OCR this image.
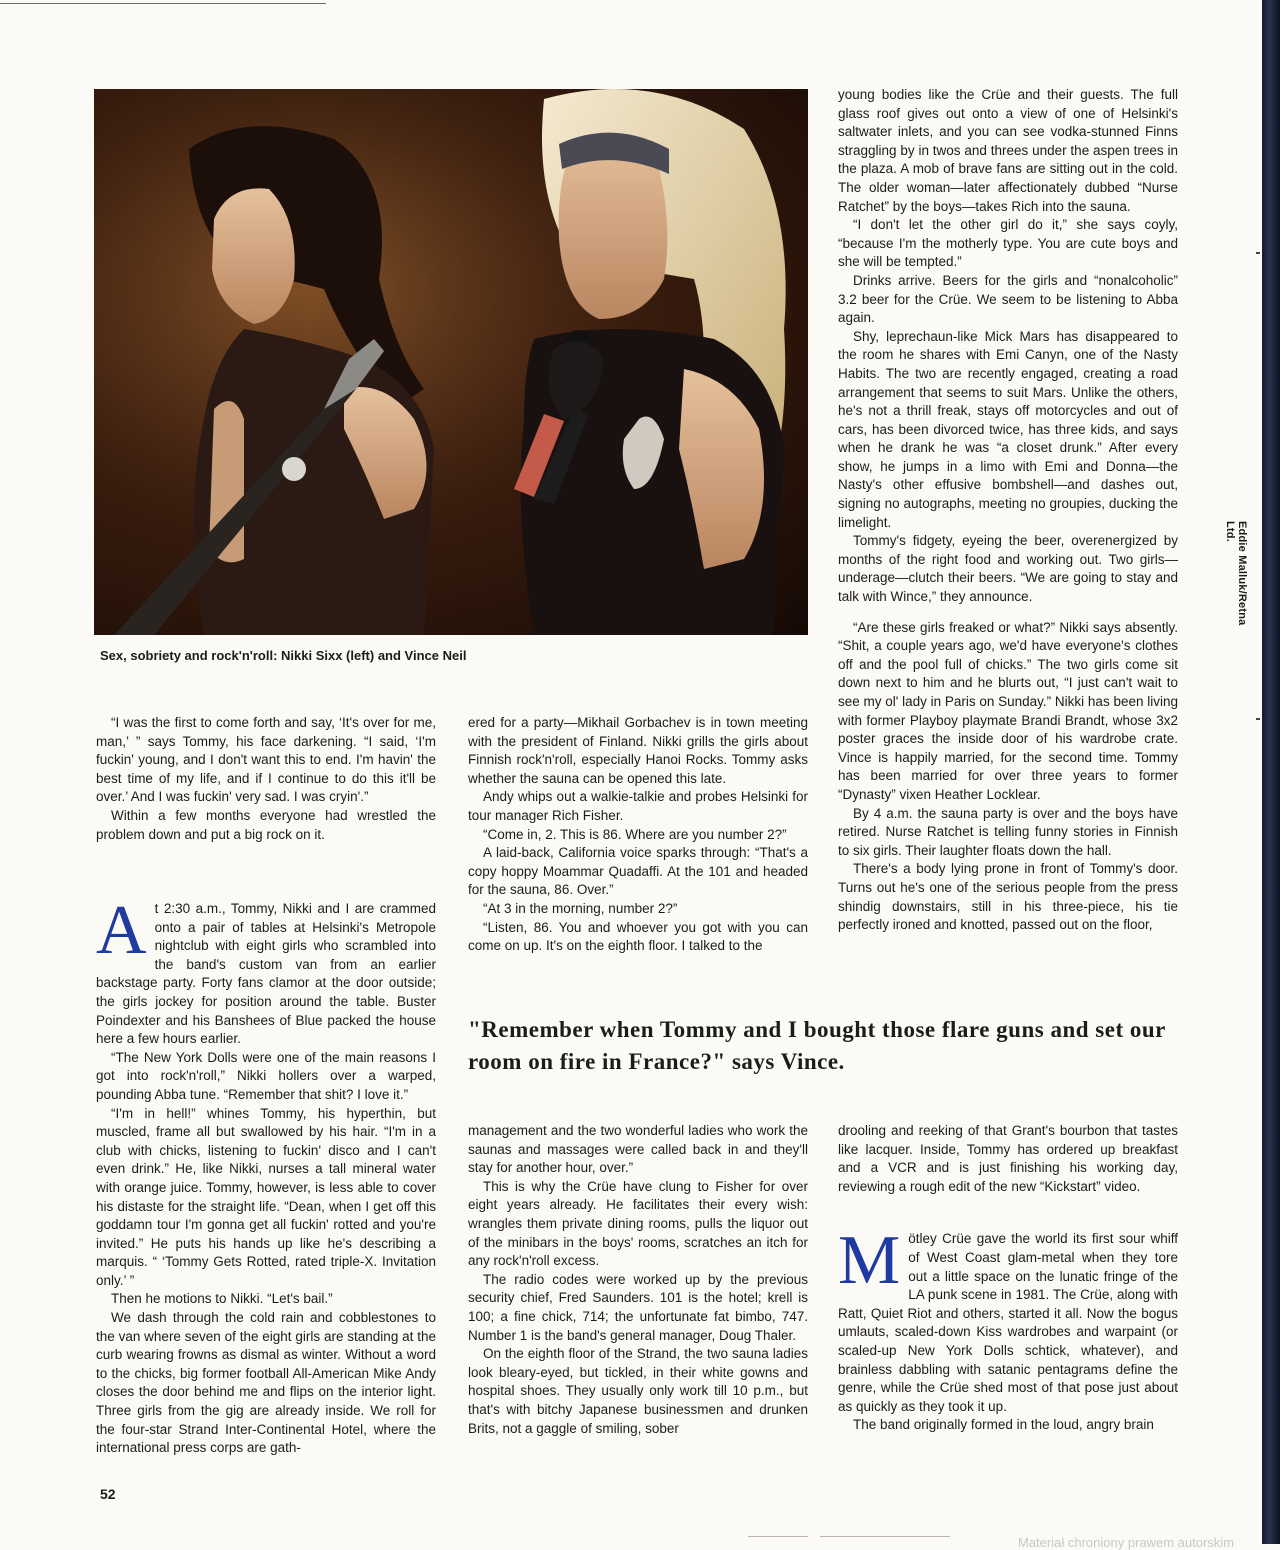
Eddie Malluk/Retna Ltd.
Sex, sobriety and rock'n'roll: Nikki Sixx (left) and Vince Neil

“I was the first to come forth and say, ‘It's over for me, man,’ ” says Tommy, his face darkening. “I said, ‘I'm fuckin' young, and I don't want this to end. I'm havin' the best time of my life, and if I continue to do this it'll be over.’ And I was fuckin' very sad. I was cryin'.”

Within a few months everyone had wrestled the problem down and put a big rock on it.

At 2:30 a.m., Tommy, Nikki and I are crammed onto a pair of tables at Helsinki's Metropole nightclub with eight girls who scrambled into the band's custom van from an earlier backstage party. Forty fans clamor at the door outside; the girls jockey for position around the table. Buster Poindexter and his Banshees of Blue packed the house here a few hours earlier.

“The New York Dolls were one of the main reasons I got into rock'n'roll,” Nikki hollers over a warped, pounding Abba tune. “Remember that shit? I love it.”

“I'm in hell!” whines Tommy, his hyperthin, but muscled, frame all but swallowed by his hair. “I'm in a club with chicks, listening to fuckin' disco and I can't even drink.” He, like Nikki, nurses a tall mineral water with orange juice. Tommy, however, is less able to cover his distaste for the straight life. “Dean, when I get off this goddamn tour I'm gonna get all fuckin' rotted and you're invited.” He puts his hands up like he's describing a marquis. “ ‘Tommy Gets Rotted, rated triple-X. Invitation only.’ ”

Then he motions to Nikki. “Let's bail.”

We dash through the cold rain and cobblestones to the van where seven of the eight girls are standing at the curb wearing frowns as dismal as winter. Without a word to the chicks, big former football All-American Mike Andy closes the door behind me and flips on the interior light. Three girls from the gig are already inside. We roll for the four-star Strand Inter-Continental Hotel, where the international press corps are gath-

ered for a party—Mikhail Gorbachev is in town meeting with the president of Finland. Nikki grills the girls about Finnish rock'n'roll, especially Hanoi Rocks. Tommy asks whether the sauna can be opened this late.

Andy whips out a walkie-talkie and probes Helsinki for tour manager Rich Fisher.

“Come in, 2. This is 86. Where are you number 2?”

A laid-back, California voice sparks through: “That's a copy hoppy Moammar Quadaffi. At the 101 and headed for the sauna, 86. Over.”

“At 3 in the morning, number 2?”

“Listen, 86. You and whoever you got with you can come on up. It's on the eighth floor. I talked to the

young bodies like the Crüe and their guests. The full glass roof gives out onto a view of one of Helsinki's saltwater inlets, and you can see vodka-stunned Finns straggling by in twos and threes under the aspen trees in the plaza. A mob of brave fans are sitting out in the cold. The older woman—later affectionately dubbed “Nurse Ratchet” by the boys—takes Rich into the sauna.

“I don't let the other girl do it,” she says coyly, “because I'm the motherly type. You are cute boys and she will be tempted.”

Drinks arrive. Beers for the girls and “nonalcoholic” 3.2 beer for the Crüe. We seem to be listening to Abba again.

Shy, leprechaun-like Mick Mars has disappeared to the room he shares with Emi Canyn, one of the Nasty Habits. The two are recently engaged, creating a road arrangement that seems to suit Mars. Unlike the others, he's not a thrill freak, stays off motorcycles and out of cars, has been divorced twice, has three kids, and says when he drank he was “a closet drunk.” After every show, he jumps in a limo with Emi and Donna—the Nasty's other effusive bombshell—and dashes out, signing no autographs, meeting no groupies, ducking the limelight.

Tommy's fidgety, eyeing the beer, overenergized by months of the right food and working out. Two girls—underage—clutch their beers. “We are going to stay and talk with Wince,” they announce.

“Are these girls freaked or what?” Nikki says absently. “Shit, a couple years ago, we'd have everyone's clothes off and the pool full of chicks.” The two girls come sit down next to him and he blurts out, “I just can't wait to see my ol' lady in Paris on Sunday.” Nikki has been living with former Playboy playmate Brandi Brandt, whose 3x2 poster graces the inside door of his wardrobe crate. Vince is happily married, for the second time. Tommy has been married for over three years to former “Dynasty” vixen Heather Locklear.

By 4 a.m. the sauna party is over and the boys have retired. Nurse Ratchet is telling funny stories in Finnish to six girls. Their laughter floats down the hall.

There's a body lying prone in front of Tommy's door. Turns out he's one of the serious people from the press shindig downstairs, still in his three-piece, his tie perfectly ironed and knotted, passed out on the floor,

"Remember when Tommy and I bought those flare guns and set our room on fire in France?" says Vince.

management and the two wonderful ladies who work the saunas and massages were called back in and they'll stay for another hour, over.”

This is why the Crüe have clung to Fisher for over eight years already. He facilitates their every wish: wrangles them private dining rooms, pulls the liquor out of the minibars in the boys' rooms, scratches an itch for any rock'n'roll excess.

The radio codes were worked up by the previous security chief, Fred Saunders. 101 is the hotel; krell is 100; a fine chick, 714; the unfortunate fat bimbo, 747. Number 1 is the band's general manager, Doug Thaler.

On the eighth floor of the Strand, the two sauna ladies look bleary-eyed, but tickled, in their white gowns and hospital shoes. They usually only work till 10 p.m., but that's with bitchy Japanese businessmen and drunken Brits, not a gaggle of smiling, sober

drooling and reeking of that Grant's bourbon that tastes like lacquer. Inside, Tommy has ordered up breakfast and a VCR and is just finishing his working day, reviewing a rough edit of the new “Kickstart” video.

Mötley Crüe gave the world its first sour whiff of West Coast glam-metal when they tore out a little space on the lunatic fringe of the LA punk scene in 1981. The Crüe, along with Ratt, Quiet Riot and others, started it all. Now the bogus umlauts, scaled-down Kiss wardrobes and warpaint (or scaled-up New York Dolls schtick, whatever), and brainless dabbling with satanic pentagrams define the genre, while the Crüe shed most of that pose just about as quickly as they took it up.

The band originally formed in the loud, angry brain

52
Materiał chroniony prawem autorskim
